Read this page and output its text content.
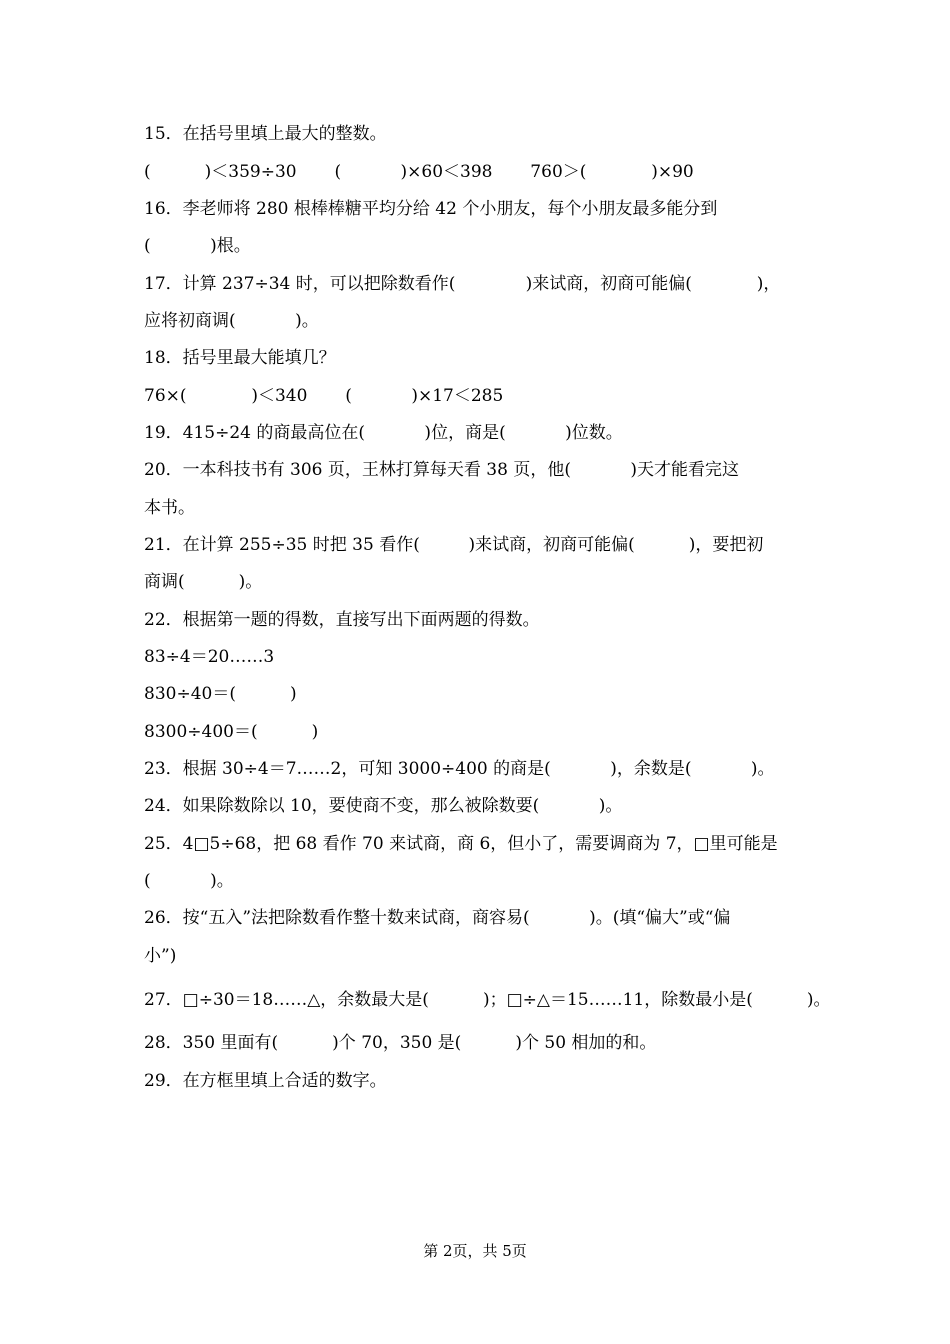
15．在括号里填上最大的整数。
(          )＜359÷30       (           )×60＜398       760＞(            )×90
16．李老师将 280 根棒棒糖平均分给 42 个小朋友，每个小朋友最多能分到
(           )根。
17．计算 237÷34 时，可以把除数看作(             )来试商，初商可能偏(            )，
应将初商调(           )。
18．括号里最大能填几？
76×(            )＜340       (           )×17＜285
19．415÷24 的商最高位在(           )位，商是(           )位数。
20．一本科技书有 306 页，王林打算每天看 38 页，他(           )天才能看完这
本书。
21．在计算 255÷35 时把 35 看作(         )来试商，初商可能偏(          )，要把初
商调(          )。
22．根据第一题的得数，直接写出下面两题的得数。
83÷4＝20……3
830÷40＝(          )
8300÷400＝(          )
23．根据 30÷4＝7……2，可知 3000÷400 的商是(           )，余数是(           )。
24．如果除数除以 10，要使商不变，那么被除数要(           )。
25．4□5÷68，把 68 看作 70 来试商，商 6，但小了，需要调商为 7，□里可能是
(           )。
26．按“五入”法把除数看作整十数来试商，商容易(           )。(填“偏大”或“偏
小”)
27．□÷30＝18……△，余数最大是(          )；□÷△＝15……11，除数最小是(          )。
28．350 里面有(          )个 70，350 是(          )个 50 相加的和。
29．在方框里填上合适的数字。
第 2页，共 5页
